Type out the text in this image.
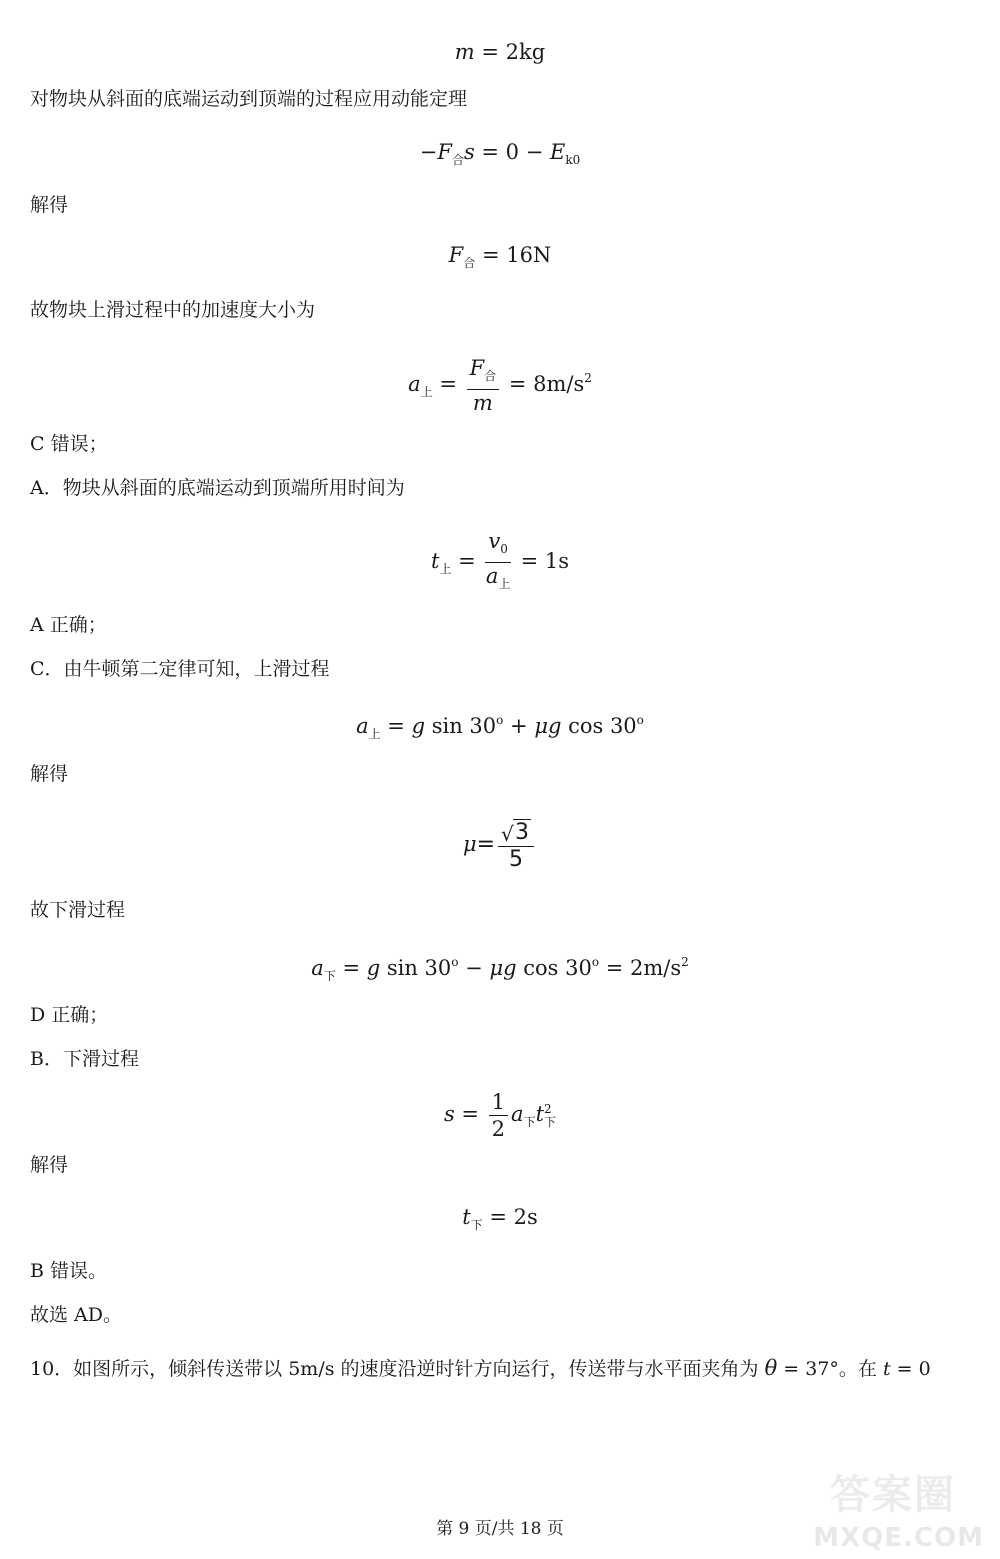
m = 2kg
对物块从斜面的底端运动到顶端的过程应用动能定理
$-F_合s = 0 - E_{k0}$
解得
$F_合 = 16N$
故物块上滑过程中的加速度大小为
$a_上 = \frac{F_合}{m} = 8m/s^2$
C 错误；
A．物块从斜面的底端运动到顶端所用时间为
$t_上 = \frac{v_0}{a_上} = 1s$
A 正确；
C．由牛顿第二定律可知，上滑过程
$a_上 = g$ $\sin 30^o + \mu g$ cos 30$^o$
解得
$\mu= \frac{√ 3}{5}$
故下滑过程
$a_下 = g$ $\sin 30^o - \mu g$ $\cos 30^o = 2m/s^2$
D 正确；
B．下滑过程
$s = \frac{1}{2} a_下t$ 2
下
解得
$t_下 = 2s$
B 错误。
故选 AD。
10．如图所示，倾斜传送带以 5m/s 的速度沿逆时针方向运行，传送带与水平面夹角为 θ = 37°。在 t = 0
第 9 页/共 18 页
答案圈
MXQE.COM
